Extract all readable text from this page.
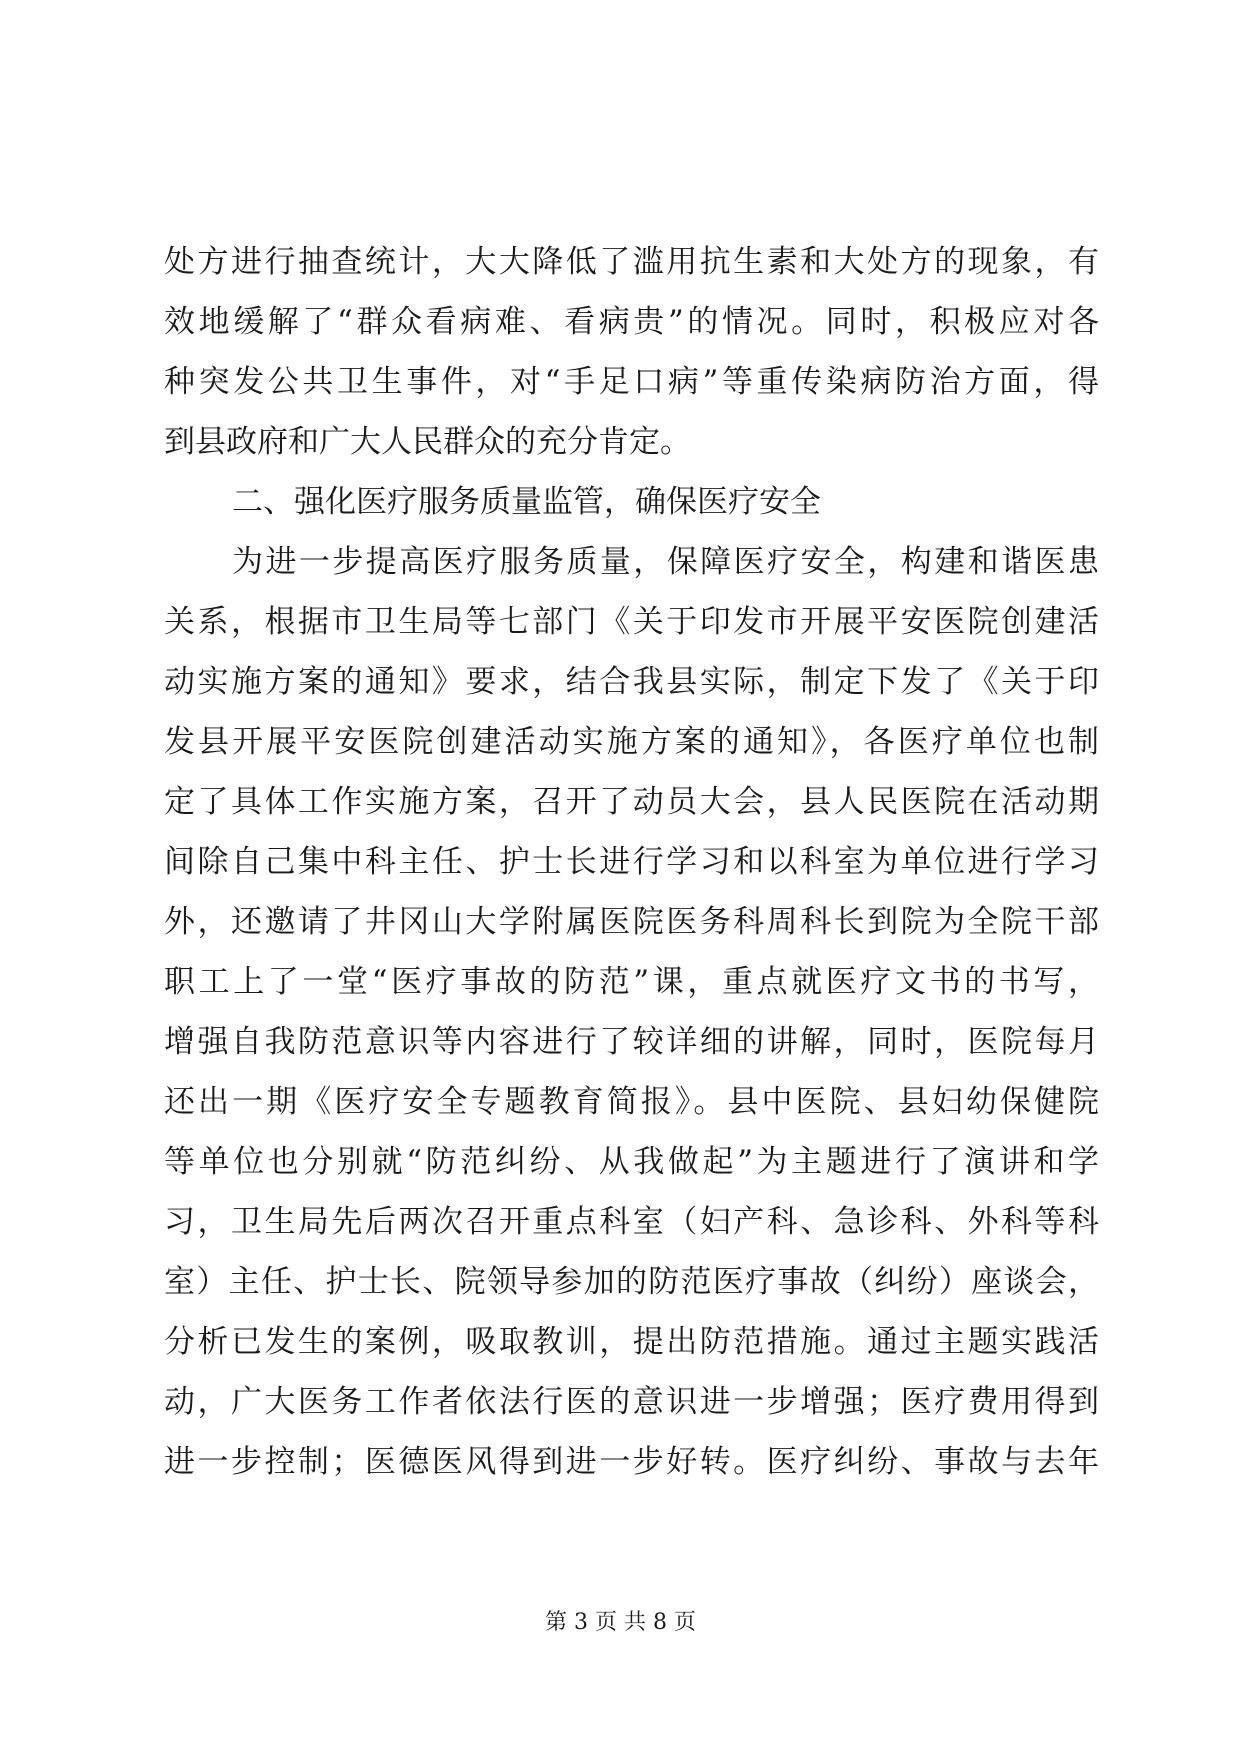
处方进行抽查统计，大大降低了滥用抗生素和大处方的现象，有
效地缓解了“群众看病难、看病贵”的情况。同时，积极应对各
种突发公共卫生事件，对“手足口病”等重传染病防治方面，得
到县政府和广大人民群众的充分肯定。
二、强化医疗服务质量监管，确保医疗安全
为进一步提高医疗服务质量，保障医疗安全，构建和谐医患
关系，根据市卫生局等七部门《关于印发市开展平安医院创建活
动实施方案的通知》要求，结合我县实际，制定下发了《关于印
发县开展平安医院创建活动实施方案的通知》，各医疗单位也制
定了具体工作实施方案，召开了动员大会，县人民医院在活动期
间除自己集中科主任、护士长进行学习和以科室为单位进行学习
外，还邀请了井冈山大学附属医院医务科周科长到院为全院干部
职工上了一堂“医疗事故的防范”课，重点就医疗文书的书写，
增强自我防范意识等内容进行了较详细的讲解，同时，医院每月
还出一期《医疗安全专题教育简报》。县中医院、县妇幼保健院
等单位也分别就“防范纠纷、从我做起”为主题进行了演讲和学
习，卫生局先后两次召开重点科室（妇产科、急诊科、外科等科
室）主任、护士长、院领导参加的防范医疗事故（纠纷）座谈会，
分析已发生的案例，吸取教训，提出防范措施。通过主题实践活
动，广大医务工作者依法行医的意识进一步增强；医疗费用得到
进一步控制；医德医风得到进一步好转。医疗纠纷、事故与去年
第 3 页 共 8 页
